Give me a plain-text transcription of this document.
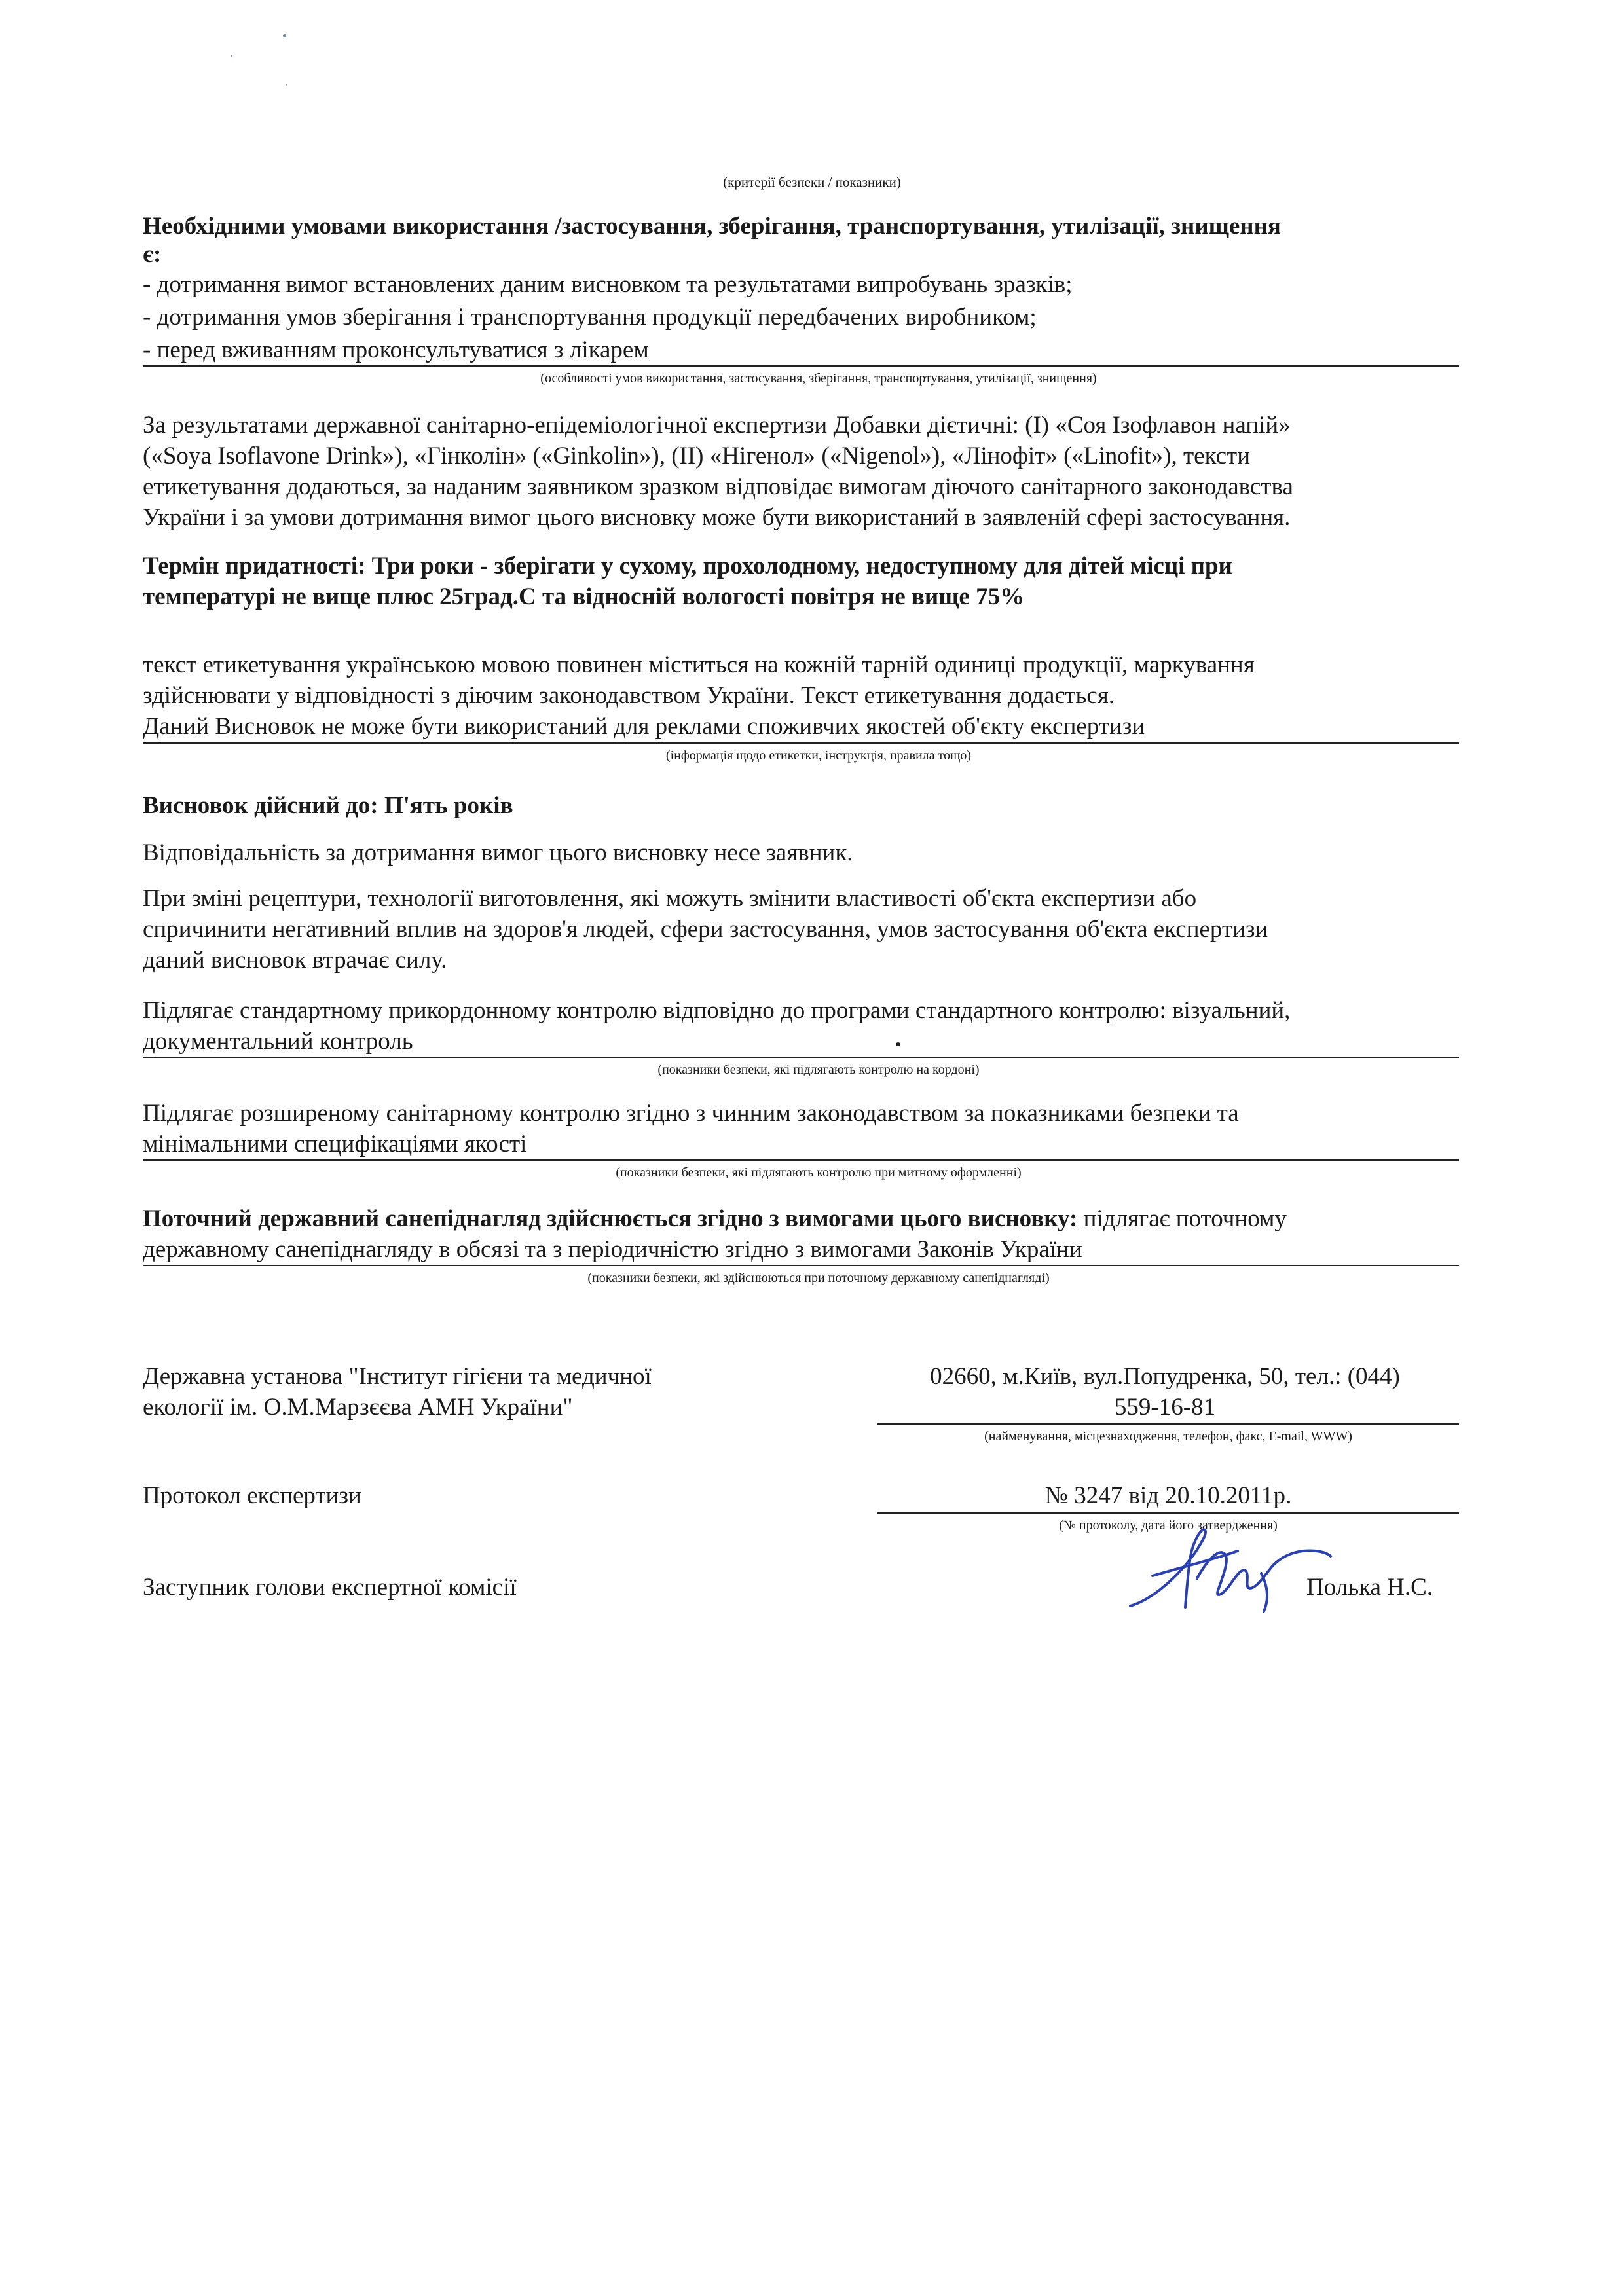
(критерії безпеки / показники)
Необхідними умовами використання /застосування, зберігання, транспортування, утилізації, знищення
є:
- дотримання вимог встановлених даним висновком та результатами випробувань зразків;
- дотримання умов зберігання і транспортування продукції передбачених виробником;
- перед вживанням проконсультуватися з лікарем
(особливості умов використання, застосування, зберігання, транспортування, утилізації, знищення)
За результатами державної санітарно-епідеміологічної експертизи Добавки дієтичні: (І) «Соя Ізофлавон напій»
(«Soya Isoflavone Drink»), «Гінколін» («Ginkolin»), (ІІ) «Нігенол» («Nigenol»), «Лінофіт» («Linofit»), тексти
етикетування додаються, за наданим заявником зразком відповідає вимогам діючого санітарного законодавства
України і за умови дотримання вимог цього висновку може бути використаний в заявленій сфері застосування.
Термін придатності: Три роки - зберігати у сухому, прохолодному, недоступному для дітей місці при
температурі не вище плюс 25град.С та відносній вологості повітря не вище 75%
текст етикетування українською мовою повинен міститься на кожній тарній одиниці продукції, маркування
здійснювати у відповідності з діючим законодавством України. Текст етикетування додається.
Даний Висновок не може бути використаний для реклами споживчих якостей об'єкту експертизи
(інформація щодо етикетки, інструкція, правила тощо)
Висновок дійсний до: П'ять років
Відповідальність за дотримання вимог цього висновку несе заявник.
При зміні рецептури, технології виготовлення, які можуть змінити властивості об'єкта експертизи або
спричинити негативний вплив на здоров'я людей, сфери застосування, умов застосування об'єкта експертизи
даний висновок втрачає силу.
Підлягає стандартному прикордонному контролю відповідно до програми стандартного контролю: візуальний,
документальний контроль
(показники безпеки, які підлягають контролю на кордоні)
Підлягає розширеному санітарному контролю згідно з чинним законодавством за показниками безпеки та
мінімальними специфікаціями якості
(показники безпеки, які підлягають контролю при митному оформленні)
Поточний державний санепіднагляд здійснюється згідно з вимогами цього висновку: підлягає поточному
державному санепіднагляду в обсязі та з періодичністю згідно з вимогами Законів України
(показники безпеки, які здійснюються при поточному державному санепіднагляді)
Державна установа "Інститут гігієни та медичної
екології ім. О.М.Марзєєва АМН України"
02660, м.Київ, вул.Попудренка, 50, тел.: (044)
559-16-81
(найменування, місцезнаходження, телефон, факс, E-mail, WWW)
Протокол експертизи	№ 3247 від 20.10.2011р.
(№ протоколу, дата його затвердження)
Заступник голови експертної комісії	Полька Н.С.
